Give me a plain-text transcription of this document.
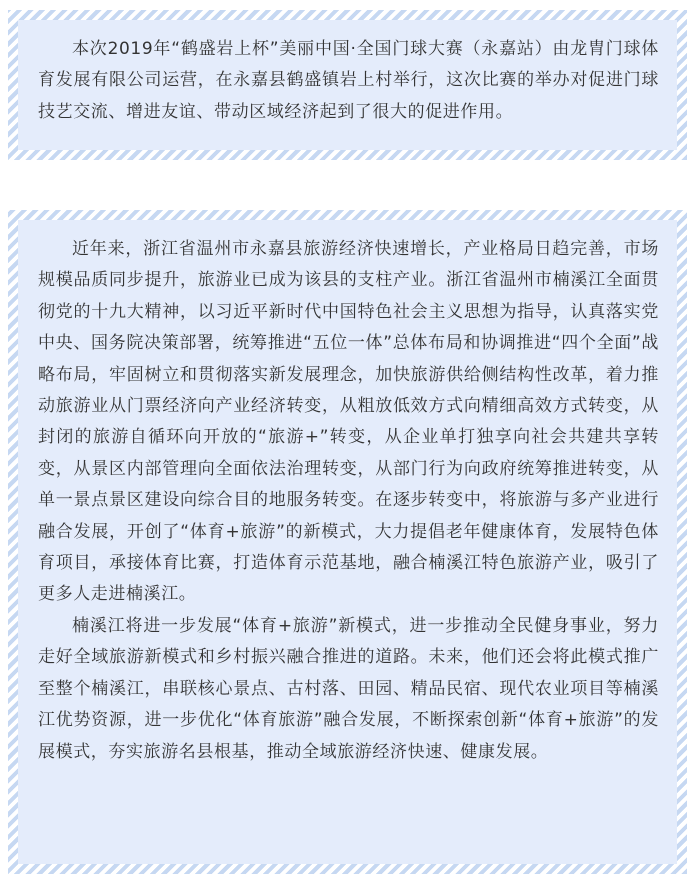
本次2019年“鹤盛岩上杯”美丽中国·全国门球大赛（永嘉站）由龙胄门球体育发展有限公司运营，在永嘉县鹤盛镇岩上村举行，这次比赛的举办对促进门球技艺交流、增进友谊、带动区域经济起到了很大的促进作用。

近年来，浙江省温州市永嘉县旅游经济快速增长，产业格局日趋完善，市场规模品质同步提升，旅游业已成为该县的支柱产业。浙江省温州市楠溪江全面贯彻党的十九大精神，以习近平新时代中国特色社会主义思想为指导，认真落实党中央、国务院决策部署，统筹推进“五位一体”总体布局和协调推进“四个全面”战略布局，牢固树立和贯彻落实新发展理念，加快旅游供给侧结构性改革，着力推动旅游业从门票经济向产业经济转变，从粗放低效方式向精细高效方式转变，从封闭的旅游自循环向开放的“旅游+”转变，从企业单打独享向社会共建共享转变，从景区内部管理向全面依法治理转变，从部门行为向政府统筹推进转变，从单一景点景区建设向综合目的地服务转变。在逐步转变中，将旅游与多产业进行融合发展，开创了“体育+旅游”的新模式，大力提倡老年健康体育，发展特色体育项目，承接体育比赛，打造体育示范基地，融合楠溪江特色旅游产业，吸引了更多人走进楠溪江。

楠溪江将进一步发展“体育+旅游”新模式，进一步推动全民健身事业，努力走好全域旅游新模式和乡村振兴融合推进的道路。未来，他们还会将此模式推广至整个楠溪江，串联核心景点、古村落、田园、精品民宿、现代农业项目等楠溪江优势资源，进一步优化“体育旅游”融合发展，不断探索创新“体育+旅游”的发展模式，夯实旅游名县根基，推动全域旅游经济快速、健康发展。
